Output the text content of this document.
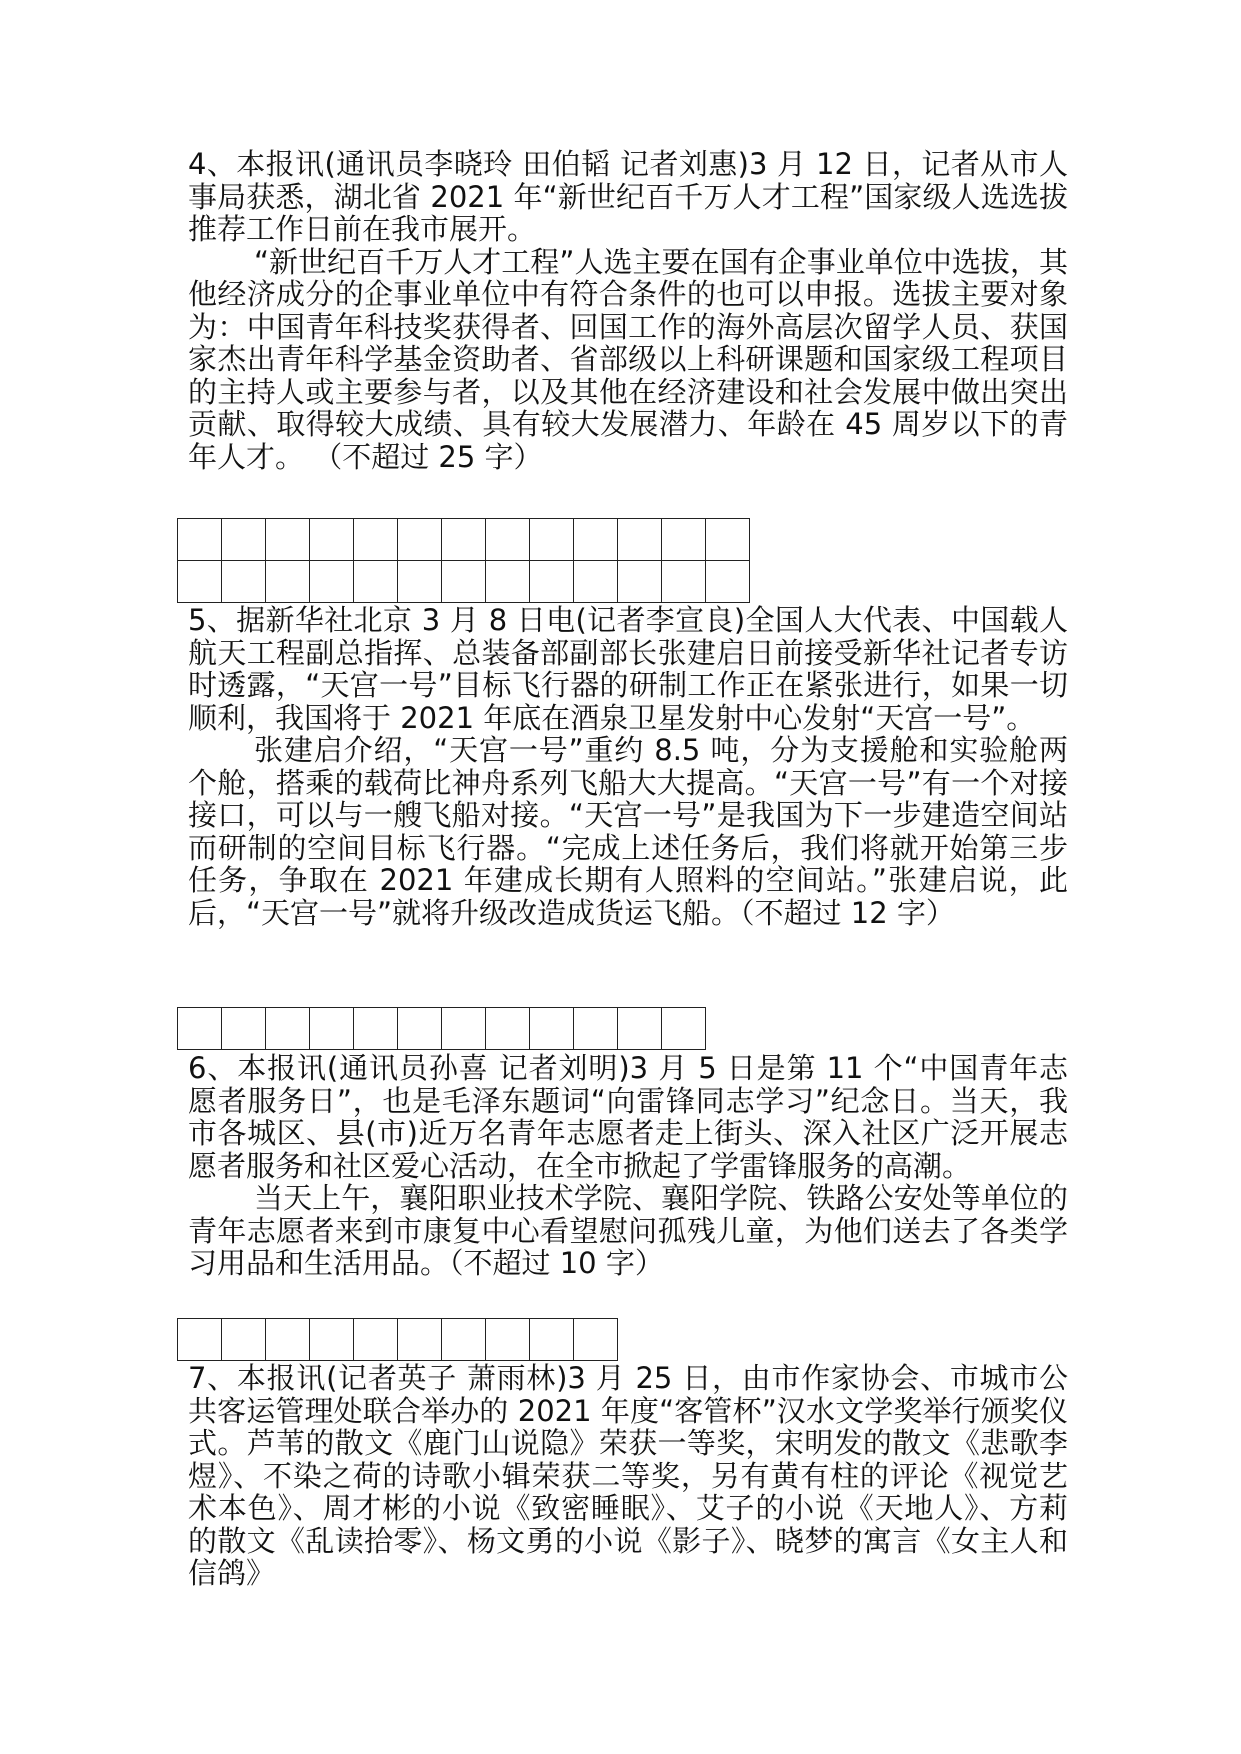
4、本报讯(通讯员李晓玲 田伯韬 记者刘惠)3 月 12 日，记者从市人事局获悉，湖北省 2021 年“新世纪百千万人才工程”国家级人选选拔推荐工作日前在我市展开。

“新世纪百千万人才工程”人选主要在国有企事业单位中选拔，其他经济成分的企事业单位中有符合条件的也可以申报。选拔主要对象为：中国青年科技奖获得者、回国工作的海外高层次留学人员、获国家杰出青年科学基金资助者、省部级以上科研课题和国家级工程项目的主持人或主要参与者，以及其他在经济建设和社会发展中做出突出贡献、取得较大成绩、具有较大发展潜力、年龄在 45 周岁以下的青年人才。 （不超过 25 字）

5、据新华社北京 3 月 8 日电(记者李宣良)全国人大代表、中国载人航天工程副总指挥、总装备部副部长张建启日前接受新华社记者专访时透露，“天宫一号”目标飞行器的研制工作正在紧张进行，如果一切顺利，我国将于 2021 年底在酒泉卫星发射中心发射“天宫一号”。

张建启介绍，“天宫一号”重约 8.5 吨，分为支援舱和实验舱两个舱，搭乘的载荷比神舟系列飞船大大提高。“天宫一号”有一个对接接口，可以与一艘飞船对接。“天宫一号”是我国为下一步建造空间站而研制的空间目标飞行器。“完成上述任务后，我们将就开始第三步任务，争取在 2021 年建成长期有人照料的空间站。”张建启说，此后，“天宫一号”就将升级改造成货运飞船。（不超过 12 字）

6、本报讯(通讯员孙喜 记者刘明)3 月 5 日是第 11 个“中国青年志愿者服务日”，也是毛泽东题词“向雷锋同志学习”纪念日。当天，我市各城区、县(市)近万名青年志愿者走上街头、深入社区广泛开展志愿者服务和社区爱心活动，在全市掀起了学雷锋服务的高潮。

当天上午，襄阳职业技术学院、襄阳学院、铁路公安处等单位的青年志愿者来到市康复中心看望慰问孤残儿童，为他们送去了各类学习用品和生活用品。（不超过 10 字）

7、本报讯(记者英子 萧雨林)3 月 25 日，由市作家协会、市城市公共客运管理处联合举办的 2021 年度“客管杯”汉水文学奖举行颁奖仪式。芦苇的散文《鹿门山说隐》荣获一等奖，宋明发的散文《悲歌李煜》、不染之荷的诗歌小辑荣获二等奖，另有黄有柱的评论《视觉艺术本色》、周才彬的小说《致密睡眠》、艾子的小说《天地人》、方莉的散文《乱读拾零》、杨文勇的小说《影子》、晓梦的寓言《女主人和信鸽》
